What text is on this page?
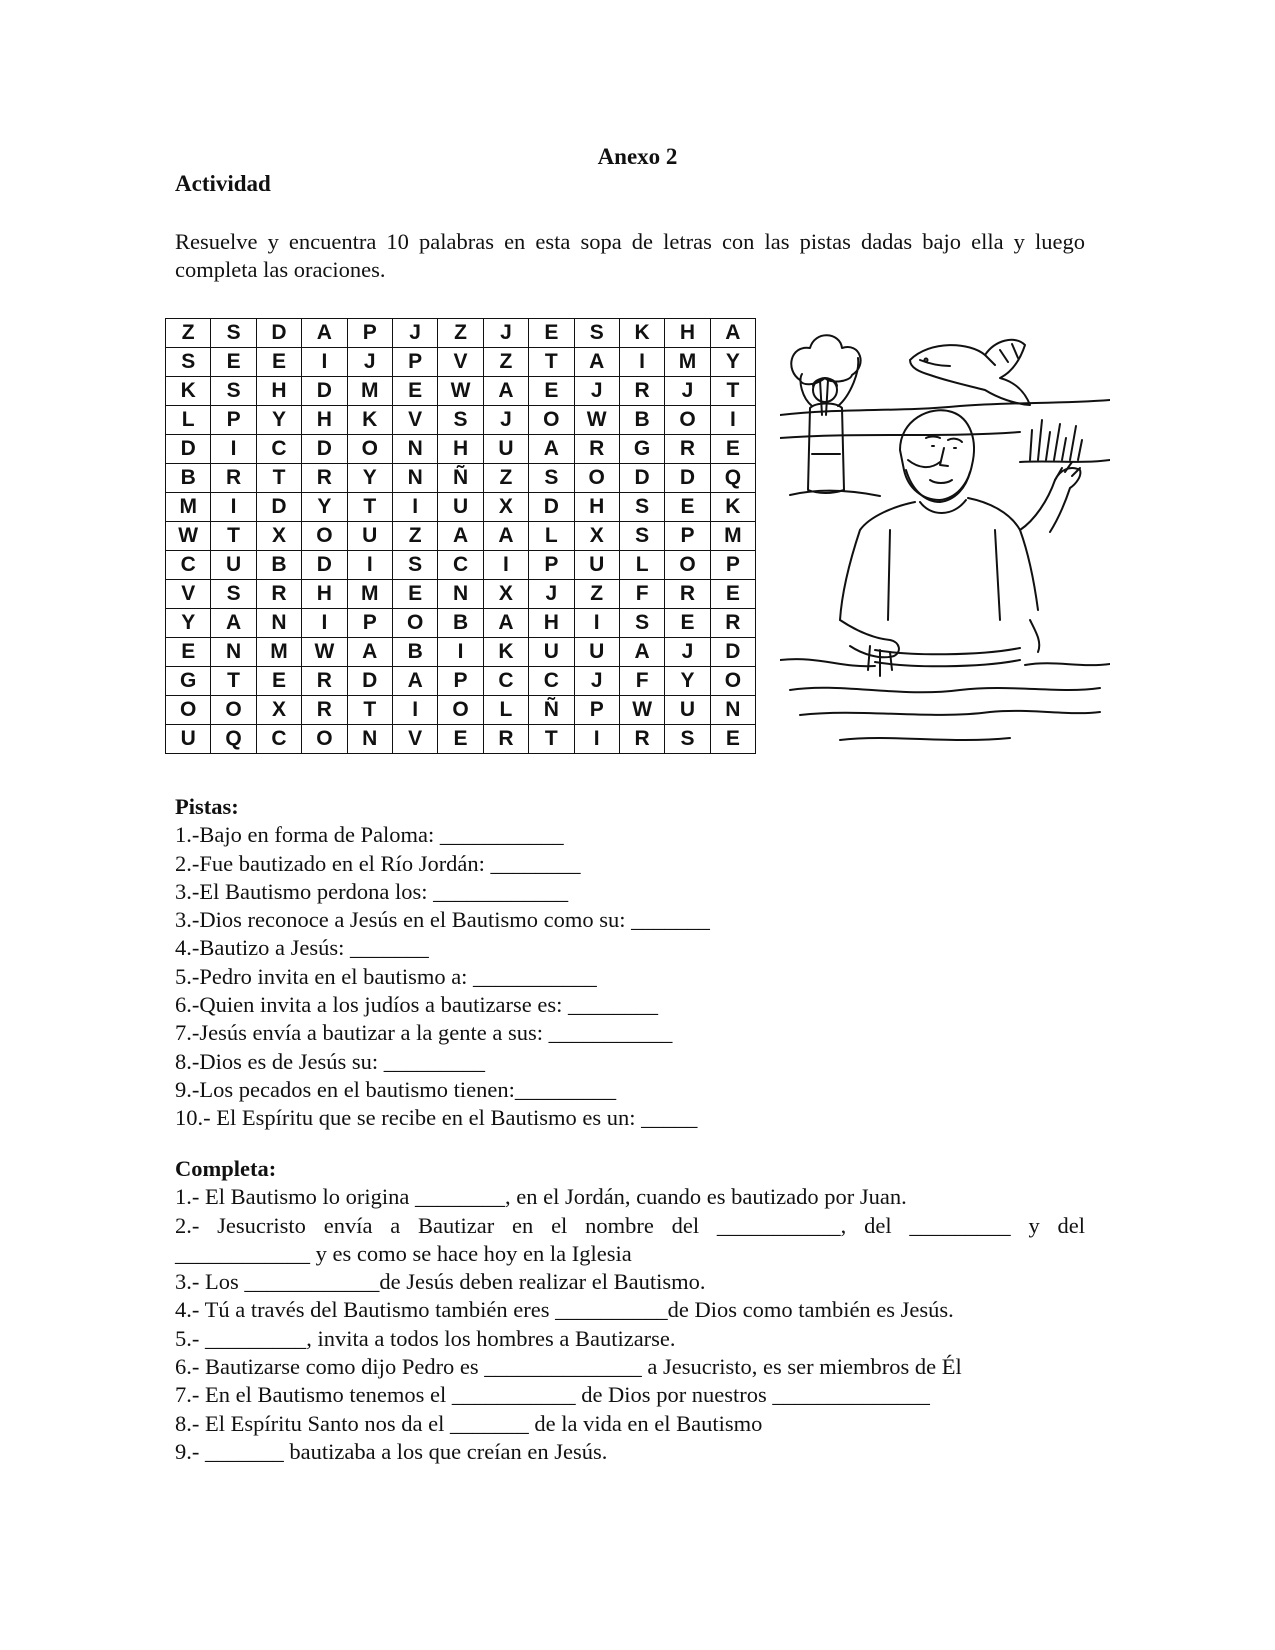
Anexo 2
Actividad
Resuelve y encuentra 10 palabras en esta sopa de letras con las pistas dadas bajo ella y luego completa las oraciones.
Z	S	D	A	P	J	Z	J	E	S	K	H	A
S	E	E	I	J	P	V	Z	T	A	I	M	Y
K	S	H	D	M	E	W	A	E	J	R	J	T
L	P	Y	H	K	V	S	J	O	W	B	O	I
D	I	C	D	O	N	H	U	A	R	G	R	E
B	R	T	R	Y	N	Ñ	Z	S	O	D	D	Q
M	I	D	Y	T	I	U	X	D	H	S	E	K
W	T	X	O	U	Z	A	A	L	X	S	P	M
C	U	B	D	I	S	C	I	P	U	L	O	P
V	S	R	H	M	E	N	X	J	Z	F	R	E
Y	A	N	I	P	O	B	A	H	I	S	E	R
E	N	M	W	A	B	I	K	U	U	A	J	D
G	T	E	R	D	A	P	C	C	J	F	Y	O
O	O	X	R	T	I	O	L	Ñ	P	W	U	N
U	Q	C	O	N	V	E	R	T	I	R	S	E
Pistas:
1.-Bajo en forma de Paloma: ___________
2.-Fue bautizado en el Río Jordán: ________
3.-El Bautismo perdona los: ____________
3.-Dios reconoce a Jesús en el Bautismo como su: _______
4.-Bautizo a Jesús: _______
5.-Pedro invita en el bautismo a: ___________
6.-Quien invita a los judíos a bautizarse es: ________
7.-Jesús envía a bautizar a la gente a sus: ___________
8.-Dios es de Jesús su: _________
9.-Los pecados en el bautismo tienen:_________
10.- El Espíritu que se recibe en el Bautismo es un: _____
Completa:
1.- El Bautismo lo origina ________, en el Jordán, cuando es bautizado por Juan.
2.- Jesucristo envía a Bautizar en el nombre del ___________, del _________ y del
____________ y es como se hace hoy en la Iglesia
3.- Los ____________de Jesús deben realizar el Bautismo.
4.- Tú a través del Bautismo también eres __________de Dios como también es Jesús.
5.- _________, invita a todos los hombres a Bautizarse.
6.- Bautizarse como dijo Pedro es ______________ a Jesucristo, es ser miembros de Él
7.- En el Bautismo tenemos el ___________ de Dios por nuestros ______________
8.- El Espíritu Santo nos da el _______ de la vida en el Bautismo
9.- _______ bautizaba a los que creían en Jesús.
